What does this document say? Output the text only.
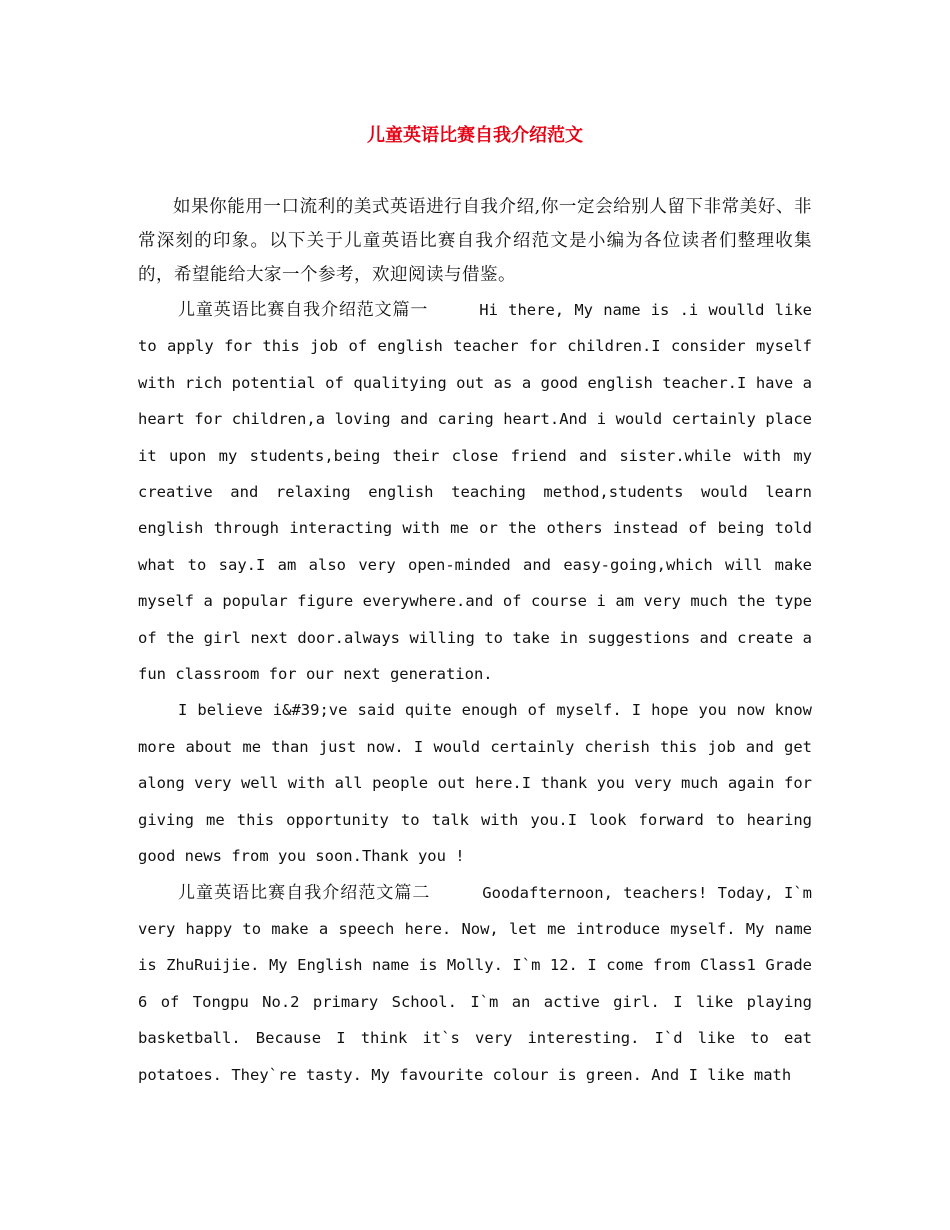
儿童英语比赛自我介绍范文

如果你能用一口流利的美式英语进行自我介绍,你一定会给别人留下非常美好、非常深刻的印象。以下关于儿童英语比赛自我介绍范文是小编为各位读者们整理收集的，希望能给大家一个参考，欢迎阅读与借鉴。

儿童英语比赛自我介绍范文篇一	Hi there, My name is .i woulld like to apply for this job of english teacher for children.I consider myself with rich potential of qualitying out as a good english teacher.I have a heart for children,a loving and caring heart.And i would certainly place it upon my students,being their close friend and sister.while with my creative and relaxing english teaching method,students would learn english through interacting with me or the others instead of being told what to say.I am also very open-minded and easy-going,which will make myself a popular figure everywhere.and of course i am very much the type of the girl next door.always willing to take in suggestions and create a fun classroom for our next generation.

I believe i&#39;ve said quite enough of myself. I hope you now know more about me than just now. I would certainly cherish this job and get along very well with all people out here.I thank you very much again for giving me this opportunity to talk with you.I look forward to hearing good news from you soon.Thank you !

儿童英语比赛自我介绍范文篇二	Goodafternoon, teachers! Today, I`m very happy to make a speech here. Now, let me introduce myself. My name is ZhuRuijie. My English name is Molly. I`m 12. I come from Class1 Grade 6 of Tongpu No.2 primary School. I`m an active girl. I like playing basketball. Because I think it`s very interesting. I`d like to eat potatoes. They`re tasty. My favourite colour is green. And I like math
